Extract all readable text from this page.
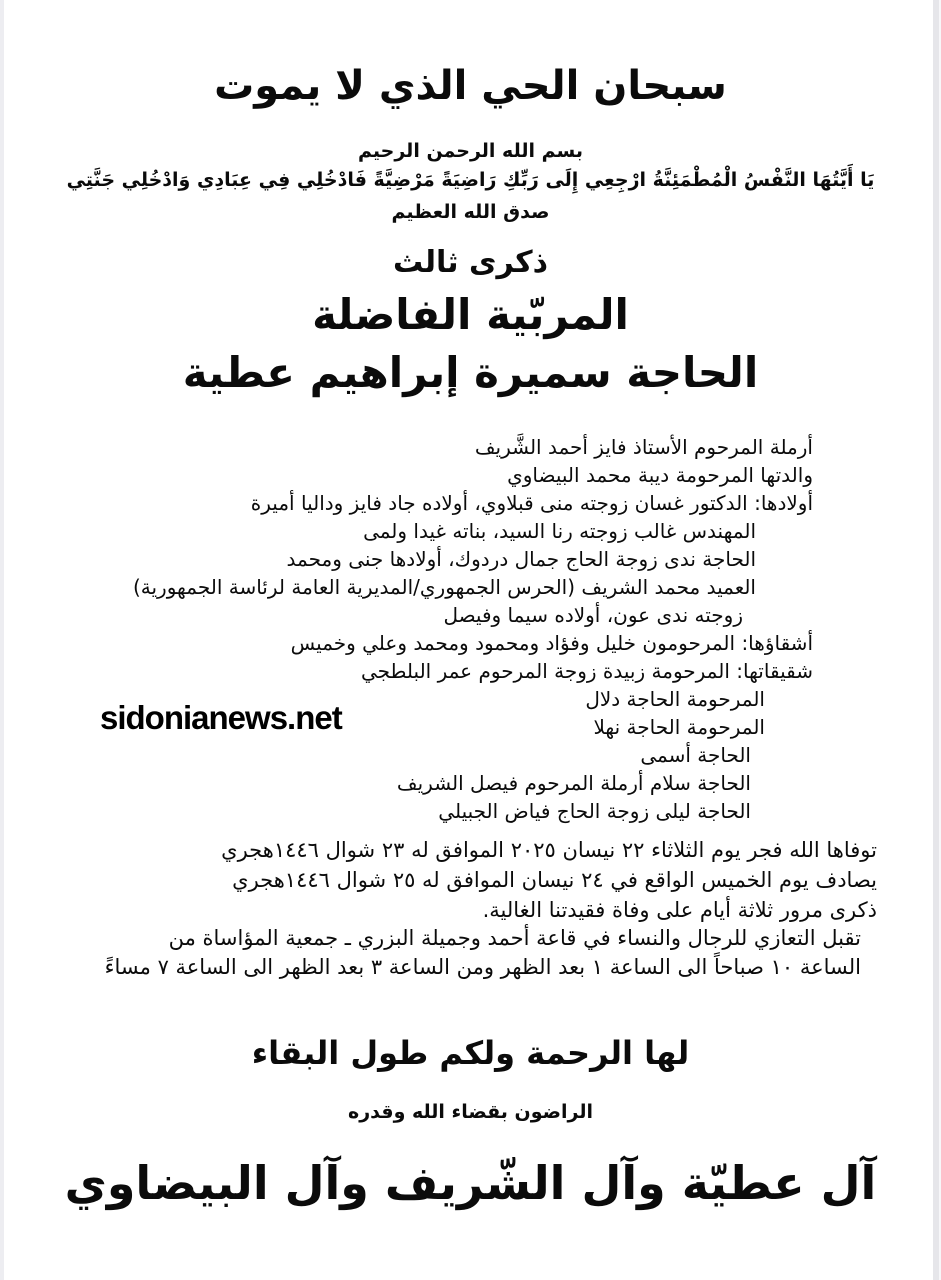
سبحان الحي الذي لا يموت
بسم الله الرحمن الرحيم
يَا أَيَّتُهَا النَّفْسُ الْمُطْمَئِنَّةُ ارْجِعِي إِلَى رَبِّكِ رَاضِيَةً مَرْضِيَّةً فَادْخُلِي فِي عِبَادِي وَادْخُلِي جَنَّتِي
صدق الله العظيم
ذكرى ثالث
المربّية الفاضلة
الحاجة سميرة إبراهيم عطية
أرملة المرحوم الأستاذ فايز أحمد الشَّريف
والدتها المرحومة ديبة محمد البيضاوي
أولادها: الدكتور غسان زوجته منى قبلاوي، أولاده جاد فايز وداليا أميرة
المهندس غالب زوجته رنا السيد، بناته غيدا ولمى
الحاجة ندى زوجة الحاج جمال دردوك، أولادها جنى ومحمد
العميد محمد الشريف (الحرس الجمهوري/المديرية العامة لرئاسة الجمهورية)
زوجته ندى عون، أولاده سيما وفيصل
أشقاؤها: المرحومون خليل وفؤاد ومحمود ومحمد وعلي وخميس
شقيقاتها: المرحومة زبيدة زوجة المرحوم عمر البلطجي
المرحومة الحاجة دلال
المرحومة الحاجة نهلا
الحاجة أسمى
الحاجة سلام أرملة المرحوم فيصل الشريف
الحاجة ليلى زوجة الحاج فياض الجبيلي
توفاها الله فجر يوم الثلاثاء ٢٢ نيسان ٢٠٢٥ الموافق له ٢٣ شوال ١٤٤٦هجري
يصادف يوم الخميس الواقع في ٢٤ نيسان الموافق له ٢٥ شوال ١٤٤٦هجري
ذكرى مرور ثلاثة أيام على وفاة فقيدتنا الغالية.
تقبل التعازي للرجال والنساء في قاعة أحمد وجميلة البزري ـ جمعية المؤاساة من
الساعة ١٠ صباحاً الى الساعة ١ بعد الظهر ومن الساعة ٣ بعد الظهر الى الساعة ٧ مساءً
لها الرحمة ولكم طول البقاء
الراضون بقضاء الله وقدره
آل عطيّة وآل الشّريف وآل البيضاوي
sidonianews.net
